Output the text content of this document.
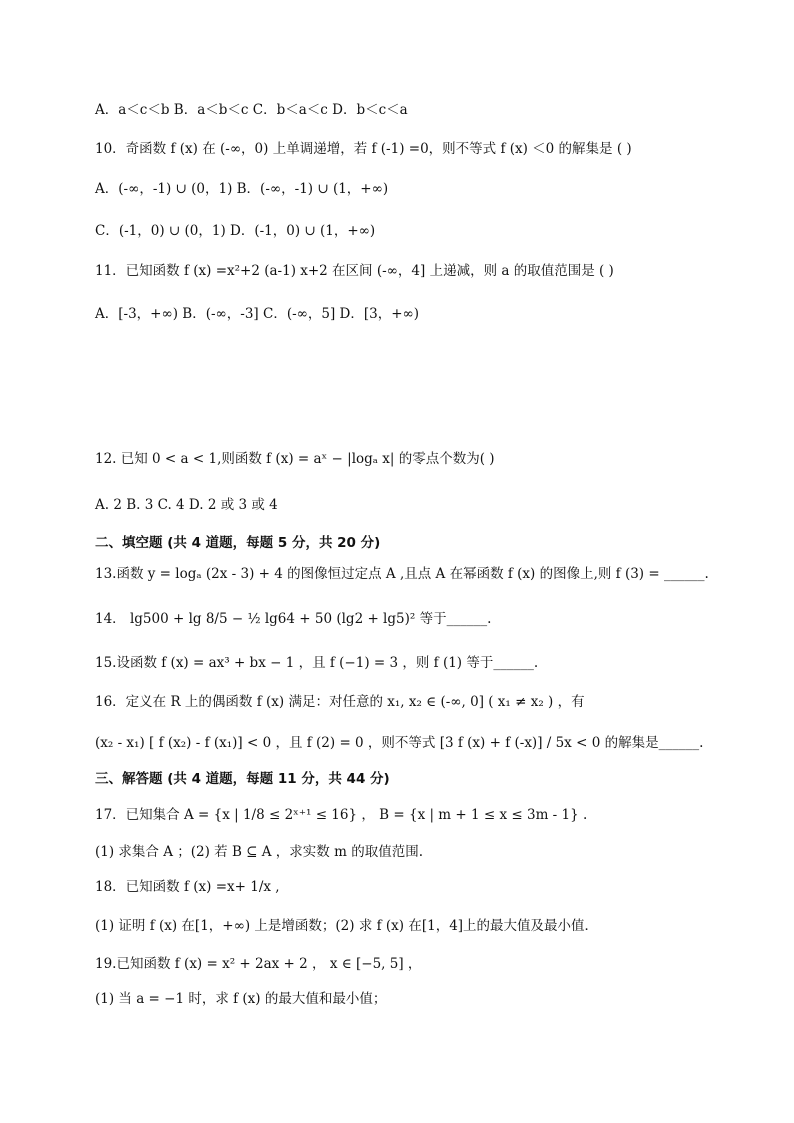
A．a＜c＜b B．a＜b＜c C．b＜a＜c D．b＜c＜a
10．奇函数 f (x) 在 (-∞，0) 上单调递增，若 f (-1) =0，则不等式 f (x) ＜0 的解集是 ( )
A．(-∞，-1) ∪ (0，1) B．(-∞，-1) ∪ (1，+∞)
C．(-1，0) ∪ (0，1) D．(-1，0) ∪ (1，+∞)
11．已知函数 f (x) =x²+2 (a-1) x+2 在区间 (-∞，4] 上递减，则 a 的取值范围是 ( )
A．[-3，+∞) B．(-∞，-3] C．(-∞，5] D．[3，+∞)
12. 已知 0 < a < 1,则函数 f (x) = aˣ − |logₐ x| 的零点个数为( )
A. 2 B. 3 C. 4 D. 2 或 3 或 4
二、填空题 (共 4 道题，每题 5 分，共 20 分)
13.函数 y = logₐ (2x - 3) + 4 的图像恒过定点 A ,且点 A 在幂函数 f (x) 的图像上,则 f (3) = ______.
14． lg500 + lg 8/5 − ½ lg64 + 50 (lg2 + lg5)² 等于______.
15.设函数 f (x) = ax³ + bx − 1 ，且 f (−1) = 3 ，则 f (1) 等于______.
16．定义在 R 上的偶函数 f (x) 满足：对任意的 x₁, x₂ ∈ (-∞, 0] ( x₁ ≠ x₂ ) ，有
(x₂ - x₁) [ f (x₂) - f (x₁)] < 0 ，且 f (2) = 0 ，则不等式 [3 f (x) + f (-x)] / 5x < 0 的解集是______.
三、解答题 (共 4 道题，每题 11 分，共 44 分)
17．已知集合 A = {x | 1/8 ≤ 2ˣ⁺¹ ≤ 16} ， B = {x | m + 1 ≤ x ≤ 3m - 1} .
(1) 求集合 A ；(2) 若 B ⊆ A ，求实数 m 的取值范围.
18．已知函数 f (x) =x+ 1/x ,
(1) 证明 f (x) 在[1，+∞) 上是增函数；(2) 求 f (x) 在[1，4]上的最大值及最小值．
19.已知函数 f (x) = x² + 2ax + 2 ， x ∈ [−5, 5] ，
(1) 当 a = −1 时，求 f (x) 的最大值和最小值；
